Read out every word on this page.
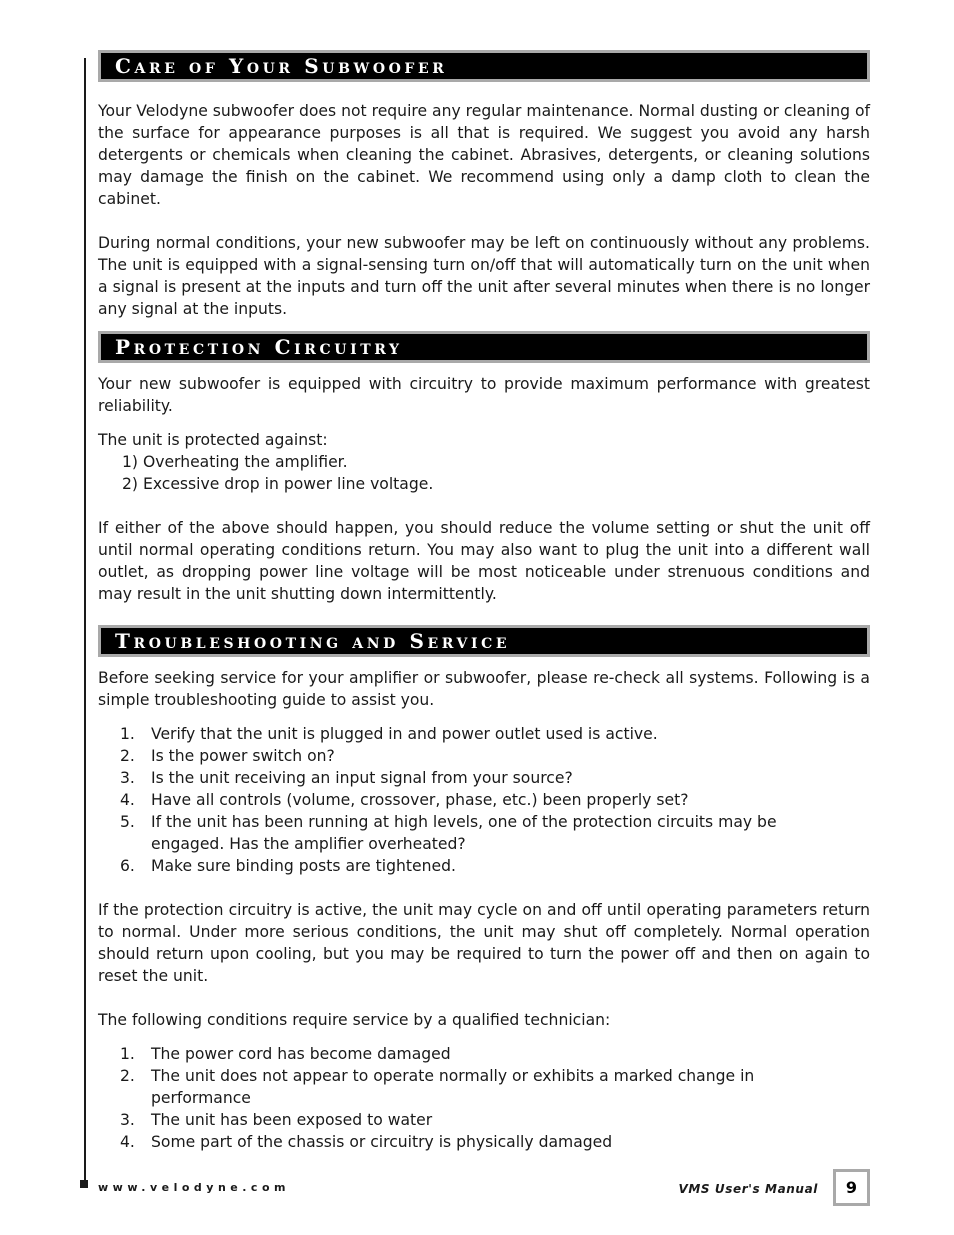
Care of Your Subwoofer

Your Velodyne subwoofer does not require any regular maintenance. Normal dusting or cleaning of the surface for appearance purposes is all that is required. We suggest you avoid any harsh detergents or chemicals when cleaning the cabinet. Abrasives, detergents, or cleaning solutions may damage the finish on the cabinet. We recommend using only a damp cloth to clean the cabinet.

During normal conditions, your new subwoofer may be left on continuously without any problems. The unit is equipped with a signal-sensing turn on/off that will automatically turn on the unit when a signal is present at the inputs and turn off the unit after several minutes when there is no longer any signal at the inputs.

Protection Circuitry

Your new subwoofer is equipped with circuitry to provide maximum performance with greatest reliability.

The unit is protected against:

1) Overheating the amplifier.
2) Excessive drop in power line voltage.

If either of the above should happen, you should reduce the volume setting or shut the unit off until normal operating conditions return. You may also want to plug the unit into a different wall outlet, as dropping power line voltage will be most noticeable under strenuous conditions and may result in the unit shutting down intermittently.

Troubleshooting and Service

Before seeking service for your amplifier or subwoofer, please re-check all systems. Following is a simple troubleshooting guide to assist you.

1.	Verify that the unit is plugged in and power outlet used is active.
2.	Is the power switch on?
3.	Is the unit receiving an input signal from your source?
4.	Have all controls (volume, crossover, phase, etc.) been properly set?
5.	If the unit has been running at high levels, one of the protection circuits may be engaged. Has the amplifier overheated?
6.	Make sure binding posts are tightened.

If the protection circuitry is active, the unit may cycle on and off until operating parameters return to normal. Under more serious conditions, the unit may shut off completely. Normal operation should return upon cooling, but you may be required to turn the power off and then on again to reset the unit.

The following conditions require service by a qualified technician:

1.	The power cord has become damaged
2.	The unit does not appear to operate normally or exhibits a marked change in performance
3.	The unit has been exposed to water
4.	Some part of the chassis or circuitry is physically damaged
www.velodyne.com	VMS User's Manual	9
